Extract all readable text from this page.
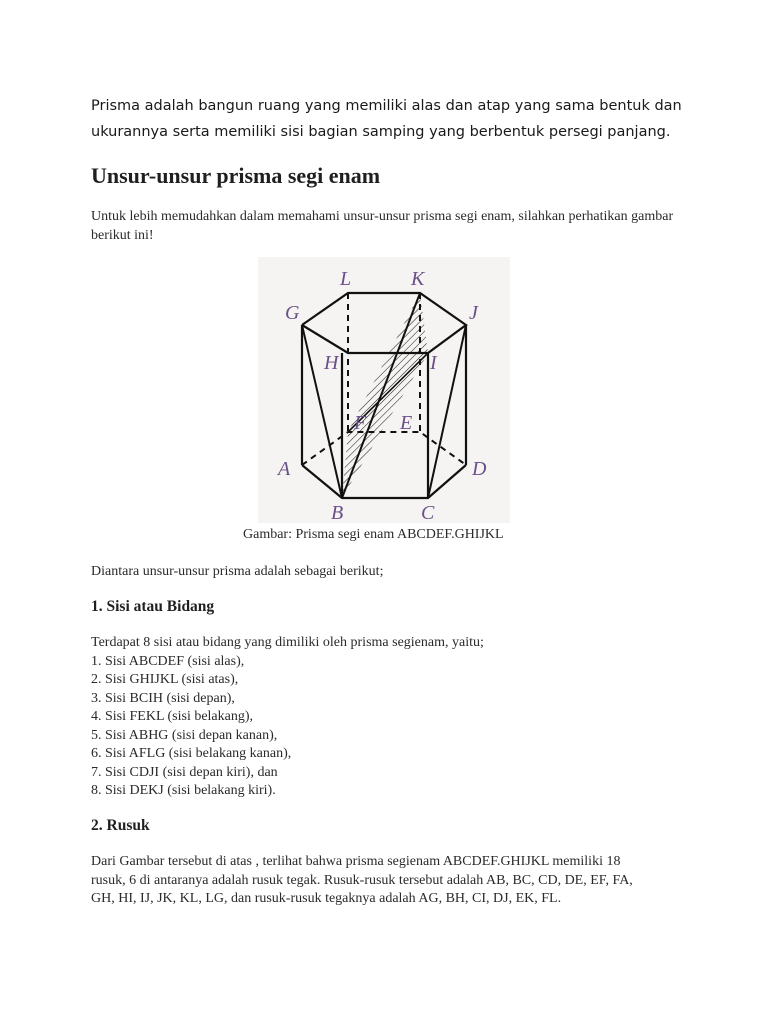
Prisma adalah bangun ruang yang memiliki alas dan atap yang sama bentuk dan ukurannya serta memiliki sisi bagian samping yang berbentuk persegi panjang.
Unsur-unsur prisma segi enam
Untuk lebih memudahkan dalam memahami unsur-unsur prisma segi enam, silahkan perhatikan gambar berikut ini!
L	K
G	J
H	I
F E
A	D
B	C
Gambar: Prisma segi enam ABCDEF.GHIJKL
Diantara unsur-unsur prisma adalah sebagai berikut;
1. Sisi atau Bidang
Terdapat 8 sisi atau bidang yang dimiliki oleh prisma segienam, yaitu;
1. Sisi ABCDEF (sisi alas),
2. Sisi GHIJKL (sisi atas),
3. Sisi BCIH (sisi depan),
4. Sisi FEKL (sisi belakang),
5. Sisi ABHG (sisi depan kanan),
6. Sisi AFLG (sisi belakang kanan),
7. Sisi CDJI (sisi depan kiri), dan
8. Sisi DEKJ (sisi belakang kiri).
2. Rusuk
Dari Gambar tersebut di atas , terlihat bahwa prisma segienam ABCDEF.GHIJKL memiliki 18
rusuk, 6 di antaranya adalah rusuk tegak. Rusuk-rusuk tersebut adalah AB, BC, CD, DE, EF, FA,
GH, HI, IJ, JK, KL, LG, dan rusuk-rusuk tegaknya adalah AG, BH, CI, DJ, EK, FL.
